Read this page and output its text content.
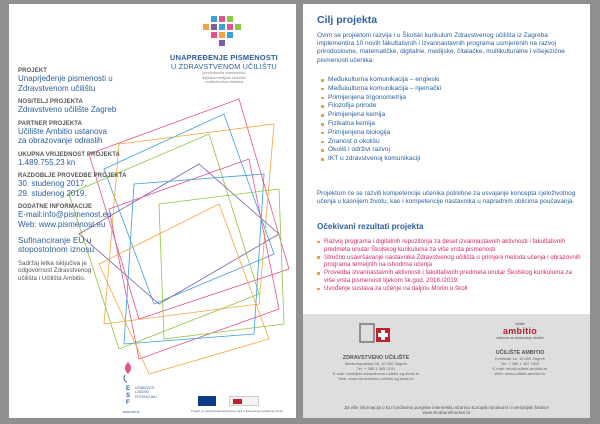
UNAPREĐENJE PISMENOSTI
U ZDRAVSTVENOM UČILIŠTU
prirodoslovna matematička
digitalna medijska ekološka
multikulturalna čitalačka
PROJEKT
Unaprjeđenje pismenosti u
Zdravstvenom učilištu
NOSITELJ PROJEKTA
Zdravstveno učilište Zagreb
PARTNER PROJEKTA
Učilište Ambitio ustanova
za obrazovanje odraslih
UKUPNA VRIJEDNOST PROJEKTA
1.489.755,23 kn
RAZDOBLJE PROVEDBE PROJEKTA
30. studenog 2017.
29. studenog 2019.
DODATNE INFORMACIJE
E-mail:info@pismenost.eu
Web: www.pismenost.eu
Sufinanciranje EU u
stopostotnom iznosu
Sadržaj letka isključiva je
odgovornost Zdravstvenog
učilišta i Učilišta Ambitio.
E
S
F
UČINKOVITI
LJUDSKI
POTENCIJALI
www.esf.hr	Projekt je sufinancirala Europska unija iz Europskog socijalnog fonda.
Cilj projekta
Ovim se projektom razvija i u Školski kurikulum Zdravstvenog učilišta iz Zagreba implementira 10 novih fakultativnih i izvannastavnih programa usmjerenih na razvoj prirodoslovne, matematičke, digitalne, medijske, čitalačke, multikulturalne i višejezične pismenosti učenika:
Međukulturna komunikacija – engleski
Međukulturna komunikacija – njemački
Primijenjena trigonometrija
Filozofija prirode
Primijenjena kemija
Fizikalna kemija
Primijenjena biologija
Znanost o okolišu
Okoliš i održivi razvoj
IKT u zdravstvenoj komunikaciji
Projektom će se razviti kompetencije učenika potrebne za usvajanje koncepta cjeloživotnog učenja u kasnijem životu, kao i kompetencije nastavnika u naprednim oblicima poučavanja.
Očekivani rezultati projekta
Razvoj programa i digitalnih repozitorija za deset izvannastavnih aktivnosti i fakultativnih predmeta unutar Školskog kurikuluma za više vrsta pismenosti
Stručno usavršavanje nastavnika Zdravstvenog učilišta u primjeni metoda učenja i obrazovnih programa temeljnih na ishodima učenja
Provedba izvannastavnih aktivnosti i fakultativnih predmeta unutar Školskog kurikuluma za više vrsta pismenosti tijekom šk.god. 2018./2019.
Uvođenje sustava za učenje na daljinu Moriin u školi
ZDRAVSTVENO UČILIŠTE
Medvedgradska 55, 10 000 Zagreb
Tel: + 385 1 555 2151
E-mail: ured@zz.zdravstveno-uciliste-zg.skole.hr
Web: www.zdravstveno-uciliste-zg.skole.hr
učilište
ambitio
ustanova za obrazovanje odraslih
UČILIŠTE AMBITIO
Kuniščak 1a, 10 000 Zagreb
Tel: + 385 1 467 7892
E-mail: info@uciliste-ambitio.hr
Web: www.uciliste-ambitio.hr
Za više informacija o EU fondovima posjetite internetsku stranicu Europski strukturni i investicijski fondovi
www.strukturnifondovi.hr
